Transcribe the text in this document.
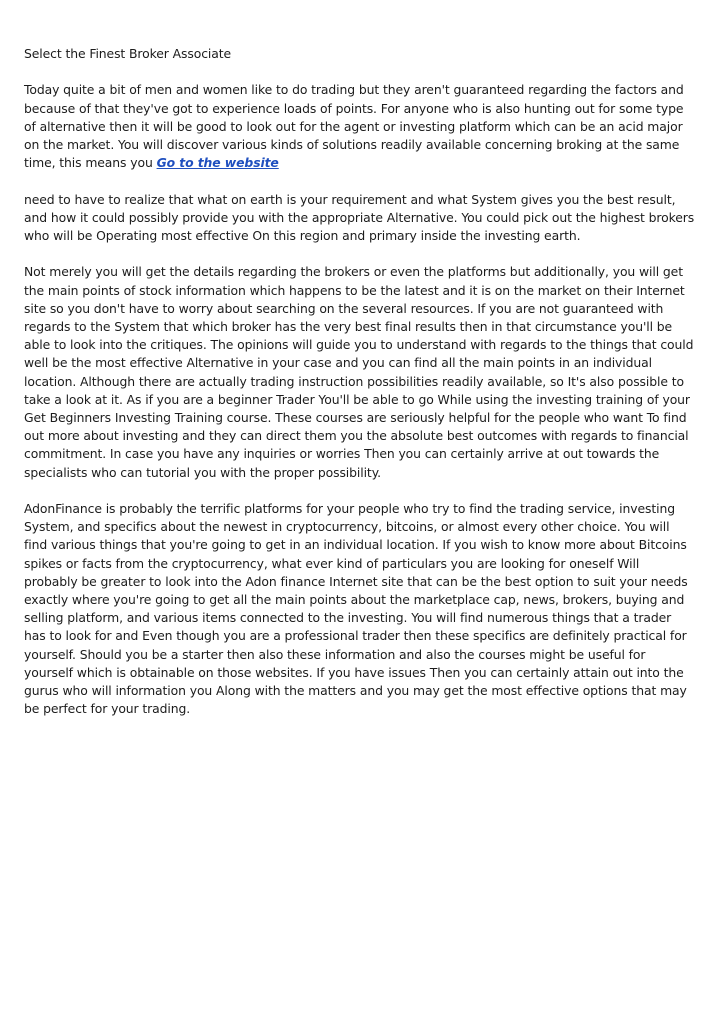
Select the Finest Broker Associate

Today quite a bit of men and women like to do trading but they aren't guaranteed regarding the factors and because of that they've got to experience loads of points. For anyone who is also hunting out for some type of alternative then it will be good to look out for the agent or investing platform which can be an acid major on the market. You will discover various kinds of solutions readily available concerning broking at the same time, this means you Go to the website

need to have to realize that what on earth is your requirement and what System gives you the best result, and how it could possibly provide you with the appropriate Alternative. You could pick out the highest brokers who will be Operating most effective On this region and primary inside the investing earth.

Not merely you will get the details regarding the brokers or even the platforms but additionally, you will get the main points of stock information which happens to be the latest and it is on the market on their Internet site so you don't have to worry about searching on the several resources. If you are not guaranteed with regards to the System that which broker has the very best final results then in that circumstance you'll be able to look into the critiques. The opinions will guide you to understand with regards to the things that could well be the most effective Alternative in your case and you can find all the main points in an individual location. Although there are actually trading instruction possibilities readily available, so It's also possible to take a look at it. As if you are a beginner Trader You'll be able to go While using the investing training of your Get Beginners Investing Training course. These courses are seriously helpful for the people who want To find out more about investing and they can direct them you the absolute best outcomes with regards to financial commitment. In case you have any inquiries or worries Then you can certainly arrive at out towards the specialists who can tutorial you with the proper possibility.

AdonFinance is probably the terrific platforms for your people who try to find the trading service, investing System, and specifics about the newest in cryptocurrency, bitcoins, or almost every other choice. You will find various things that you're going to get in an individual location. If you wish to know more about Bitcoins spikes or facts from the cryptocurrency, what ever kind of particulars you are looking for oneself Will probably be greater to look into the Adon finance Internet site that can be the best option to suit your needs exactly where you're going to get all the main points about the marketplace cap, news, brokers, buying and selling platform, and various items connected to the investing. You will find numerous things that a trader has to look for and Even though you are a professional trader then these specifics are definitely practical for yourself. Should you be a starter then also these information and also the courses might be useful for yourself which is obtainable on those websites. If you have issues Then you can certainly attain out into the gurus who will information you Along with the matters and you may get the most effective options that may be perfect for your trading.
